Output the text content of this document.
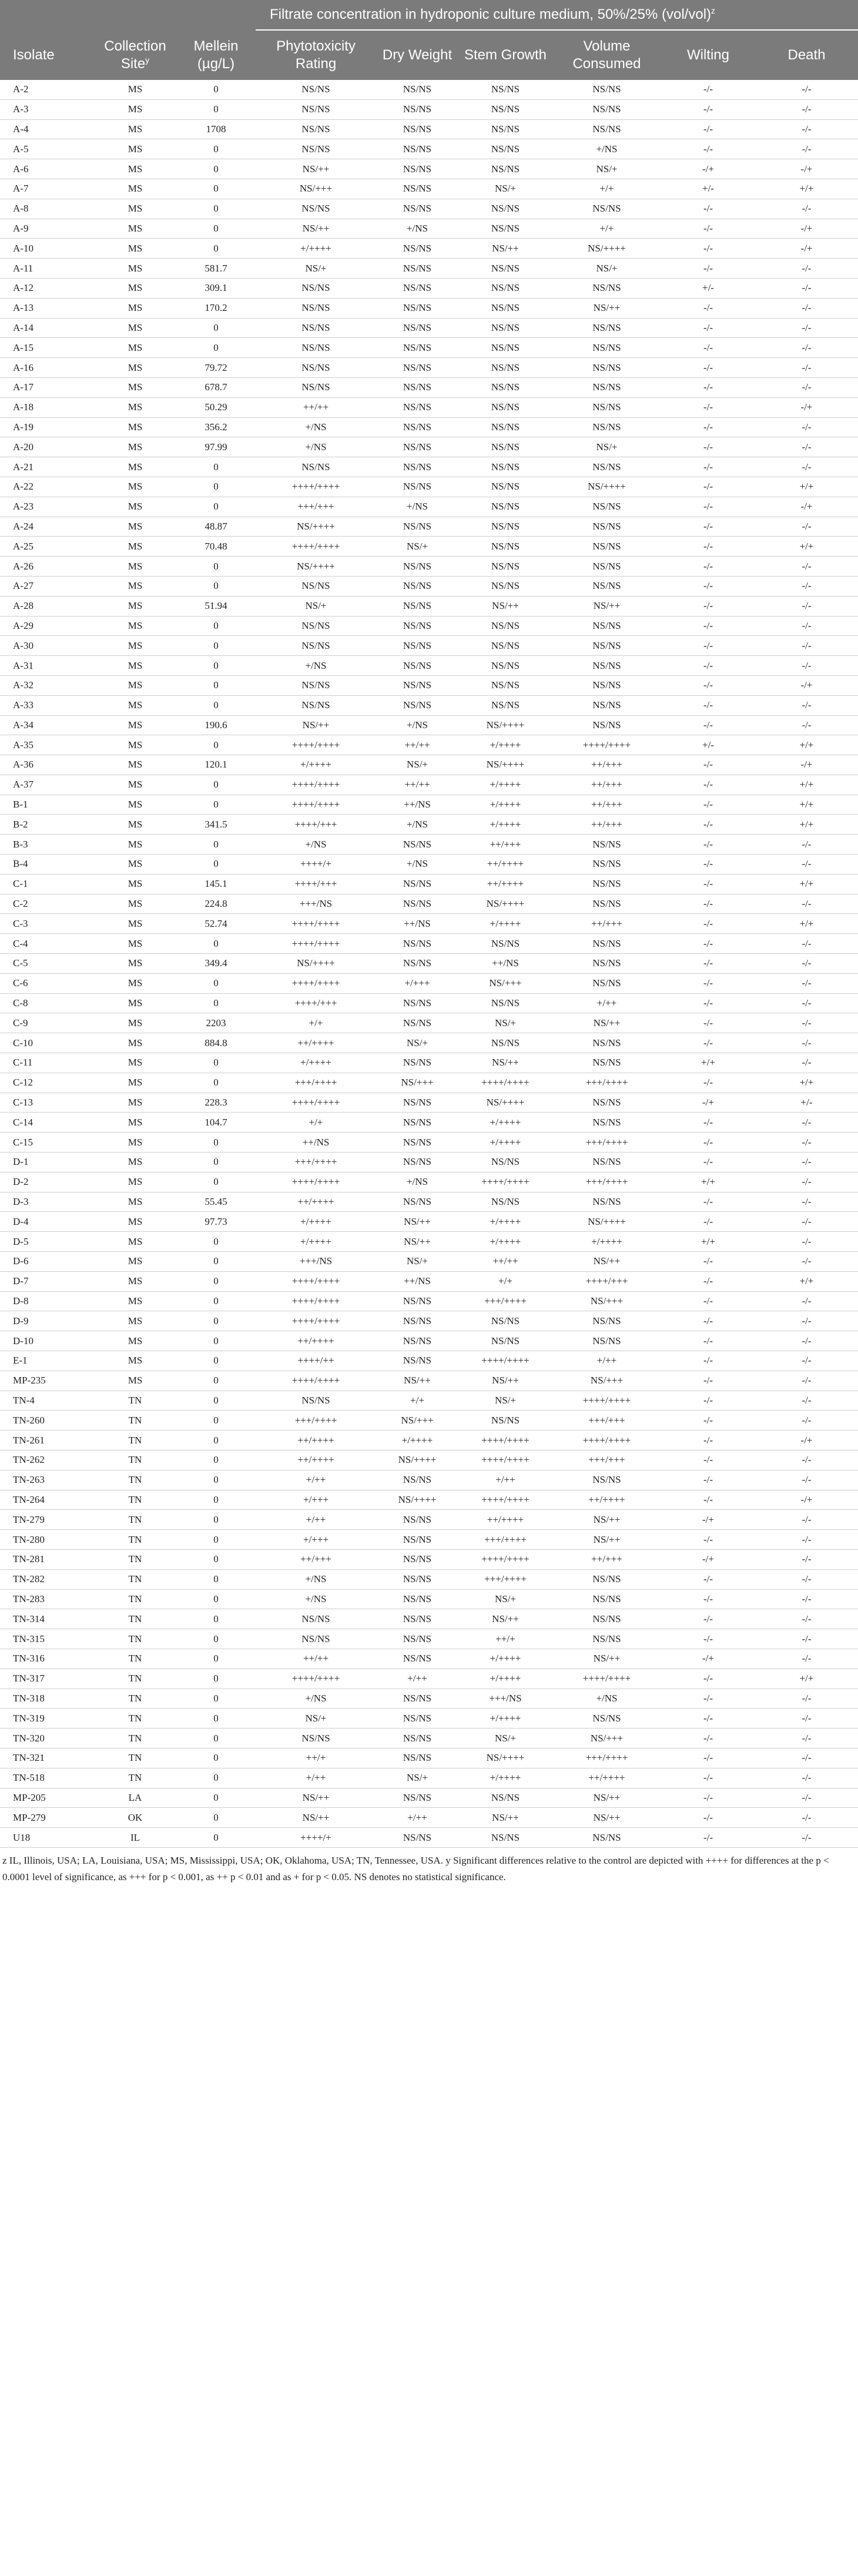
			Filtrate concentration in hydroponic culture medium, 50%/25% $(vol/vol)^z$
Isolate	Collection Site$^y$	Mellein (µg/L)	Phytotoxicity Rating	Dry Weight	Stem Growth	Volume Consumed	Wilting	Death
A-2	MS	0	NS/NS	NS/NS	NS/NS	NS/NS	-/-	-/-
A-3	MS	0	NS/NS	NS/NS	NS/NS	NS/NS	-/-	-/-
A-4	MS	1708	NS/NS	NS/NS	NS/NS	NS/NS	-/-	-/-
A-5	MS	0	NS/NS	NS/NS	NS/NS	+/NS	-/-	-/-
A-6	MS	0	NS/++	NS/NS	NS/NS	NS/+	-/+	-/+
A-7	MS	0	NS/+++	NS/NS	NS/+	+/+	+/-	+/+
A-8	MS	0	NS/NS	NS/NS	NS/NS	NS/NS	-/-	-/-
A-9	MS	0	NS/++	+/NS	NS/NS	+/+	-/-	-/+
A-10	MS	0	+/++++	NS/NS	NS/++	NS/++++	-/-	-/+
A-11	MS	581.7	NS/+	NS/NS	NS/NS	NS/+	-/-	-/-
A-12	MS	309.1	NS/NS	NS/NS	NS/NS	NS/NS	+/-	-/-
A-13	MS	170.2	NS/NS	NS/NS	NS/NS	NS/++	-/-	-/-
A-14	MS	0	NS/NS	NS/NS	NS/NS	NS/NS	-/-	-/-
A-15	MS	0	NS/NS	NS/NS	NS/NS	NS/NS	-/-	-/-
A-16	MS	79.72	NS/NS	NS/NS	NS/NS	NS/NS	-/-	-/-
A-17	MS	678.7	NS/NS	NS/NS	NS/NS	NS/NS	-/-	-/-
A-18	MS	50.29	++/++	NS/NS	NS/NS	NS/NS	-/-	-/+
A-19	MS	356.2	+/NS	NS/NS	NS/NS	NS/NS	-/-	-/-
A-20	MS	97.99	+/NS	NS/NS	NS/NS	NS/+	-/-	-/-
A-21	MS	0	NS/NS	NS/NS	NS/NS	NS/NS	-/-	-/-
A-22	MS	0	++++/++++	NS/NS	NS/NS	NS/++++	-/-	+/+
A-23	MS	0	+++/+++	+/NS	NS/NS	NS/NS	-/-	-/+
A-24	MS	48.87	NS/++++	NS/NS	NS/NS	NS/NS	-/-	-/-
A-25	MS	70.48	++++/++++	NS/+	NS/NS	NS/NS	-/-	+/+
A-26	MS	0	NS/++++	NS/NS	NS/NS	NS/NS	-/-	-/-
A-27	MS	0	NS/NS	NS/NS	NS/NS	NS/NS	-/-	-/-
A-28	MS	51.94	NS/+	NS/NS	NS/++	NS/++	-/-	-/-
A-29	MS	0	NS/NS	NS/NS	NS/NS	NS/NS	-/-	-/-
A-30	MS	0	NS/NS	NS/NS	NS/NS	NS/NS	-/-	-/-
A-31	MS	0	+/NS	NS/NS	NS/NS	NS/NS	-/-	-/-
A-32	MS	0	NS/NS	NS/NS	NS/NS	NS/NS	-/-	-/+
A-33	MS	0	NS/NS	NS/NS	NS/NS	NS/NS	-/-	-/-
A-34	MS	190.6	NS/++	+/NS	NS/++++	NS/NS	-/-	-/-
A-35	MS	0	++++/++++	++/++	+/++++	++++/++++	+/-	+/+
A-36	MS	120.1	+/++++	NS/+	NS/++++	++/+++	-/-	-/+
A-37	MS	0	++++/++++	++/++	+/++++	++/+++	-/-	+/+
B-1	MS	0	++++/++++	++/NS	+/++++	++/+++	-/-	+/+
B-2	MS	341.5	++++/+++	+/NS	+/++++	++/+++	-/-	+/+
B-3	MS	0	+/NS	NS/NS	++/+++	NS/NS	-/-	-/-
B-4	MS	0	++++/+	+/NS	++/++++	NS/NS	-/-	-/-
C-1	MS	145.1	++++/+++	NS/NS	++/++++	NS/NS	-/-	+/+
C-2	MS	224.8	+++/NS	NS/NS	NS/++++	NS/NS	-/-	-/-
C-3	MS	52.74	++++/++++	++/NS	+/++++	++/+++	-/-	+/+
C-4	MS	0	++++/++++	NS/NS	NS/NS	NS/NS	-/-	-/-
C-5	MS	349.4	NS/++++	NS/NS	++/NS	NS/NS	-/-	-/-
C-6	MS	0	++++/++++	+/+++	NS/+++	NS/NS	-/-	-/-
C-8	MS	0	++++/+++	NS/NS	NS/NS	+/++	-/-	-/-
C-9	MS	2203	+/+	NS/NS	NS/+	NS/++	-/-	-/-
C-10	MS	884.8	++/++++	NS/+	NS/NS	NS/NS	-/-	-/-
C-11	MS	0	+/++++	NS/NS	NS/++	NS/NS	+/+	-/-
C-12	MS	0	+++/++++	NS/+++	++++/++++	+++/++++	-/-	+/+
C-13	MS	228.3	++++/++++	NS/NS	NS/++++	NS/NS	-/+	+/-
C-14	MS	104.7	+/+	NS/NS	+/++++	NS/NS	-/-	-/-
C-15	MS	0	++/NS	NS/NS	+/++++	+++/++++	-/-	-/-
D-1	MS	0	+++/++++	NS/NS	NS/NS	NS/NS	-/-	-/-
D-2	MS	0	++++/++++	+/NS	++++/++++	+++/++++	+/+	-/-
D-3	MS	55.45	++/++++	NS/NS	NS/NS	NS/NS	-/-	-/-
D-4	MS	97.73	+/++++	NS/++	+/++++	NS/++++	-/-	-/-
D-5	MS	0	+/++++	NS/++	+/++++	+/++++	+/+	-/-
D-6	MS	0	+++/NS	NS/+	++/++	NS/++	-/-	-/-
D-7	MS	0	++++/++++	++/NS	+/+	++++/+++	-/-	+/+
D-8	MS	0	++++/++++	NS/NS	+++/++++	NS/+++	-/-	-/-
D-9	MS	0	++++/++++	NS/NS	NS/NS	NS/NS	-/-	-/-
D-10	MS	0	++/++++	NS/NS	NS/NS	NS/NS	-/-	-/-
E-1	MS	0	++++/++	NS/NS	++++/++++	+/++	-/-	-/-
MP-235	MS	0	++++/++++	NS/++	NS/++	NS/+++	-/-	-/-
TN-4	TN	0	NS/NS	+/+	NS/+	++++/++++	-/-	-/-
TN-260	TN	0	+++/++++	NS/+++	NS/NS	+++/+++	-/-	-/-
TN-261	TN	0	++/++++	+/++++	++++/++++	++++/++++	-/-	-/+
TN-262	TN	0	++/++++	NS/++++	++++/++++	+++/+++	-/-	-/-
TN-263	TN	0	+/++	NS/NS	+/++	NS/NS	-/-	-/-
TN-264	TN	0	+/+++	NS/++++	++++/++++	++/++++	-/-	-/+
TN-279	TN	0	+/++	NS/NS	++/++++	NS/++	-/+	-/-
TN-280	TN	0	+/+++	NS/NS	+++/++++	NS/++	-/-	-/-
TN-281	TN	0	++/+++	NS/NS	++++/++++	++/+++	-/+	-/-
TN-282	TN	0	+/NS	NS/NS	+++/++++	NS/NS	-/-	-/-
TN-283	TN	0	+/NS	NS/NS	NS/+	NS/NS	-/-	-/-
TN-314	TN	0	NS/NS	NS/NS	NS/++	NS/NS	-/-	-/-
TN-315	TN	0	NS/NS	NS/NS	++/+	NS/NS	-/-	-/-
TN-316	TN	0	++/++	NS/NS	+/++++	NS/++	-/+	-/-
TN-317	TN	0	++++/++++	+/++	+/++++	++++/++++	-/-	+/+
TN-318	TN	0	+/NS	NS/NS	+++/NS	+/NS	-/-	-/-
TN-319	TN	0	NS/+	NS/NS	+/++++	NS/NS	-/-	-/-
TN-320	TN	0	NS/NS	NS/NS	NS/+	NS/+++	-/-	-/-
TN-321	TN	0	++/+	NS/NS	NS/++++	+++/++++	-/-	-/-
TN-518	TN	0	+/++	NS/+	+/++++	++/++++	-/-	-/-
MP-205	LA	0	NS/++	NS/NS	NS/NS	NS/++	-/-	-/-
MP-279	OK	0	NS/++	+/++	NS/++	NS/++	-/-	-/-
U18	IL	0	++++/+	NS/NS	NS/NS	NS/NS	-/-	-/-
z IL, Illinois, USA; LA, Louisiana, USA; MS, Mississippi, USA; OK, Oklahoma, USA; TN, Tennessee, USA. y Significant differences relative to the control are depicted with ++++ for differences at the p < 0.0001 level of significance, as +++ for p < 0.001, as ++ p < 0.01 and as + for p < 0.05. NS denotes no statistical significance.
